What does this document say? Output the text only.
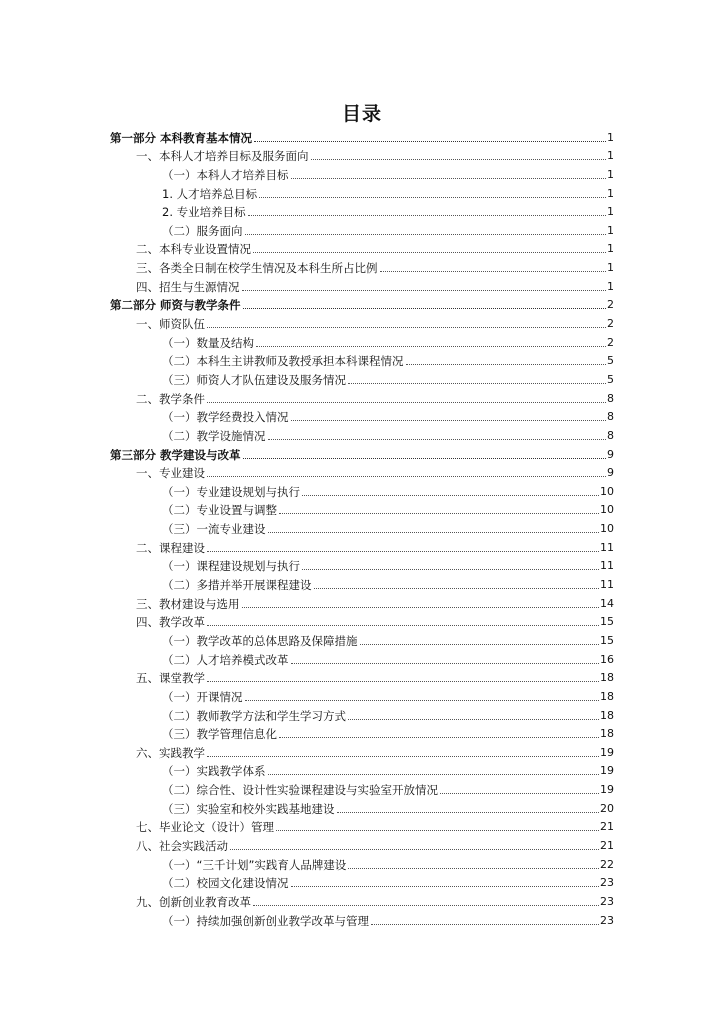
目录
第一部分 本科教育基本情况	1
一、本科人才培养目标及服务面向	1
（一）本科人才培养目标	1
1. 人才培养总目标	1
2. 专业培养目标	1
（二）服务面向	1
二、本科专业设置情况	1
三、各类全日制在校学生情况及本科生所占比例	1
四、招生与生源情况	1
第二部分 师资与教学条件	2
一、师资队伍	2
（一）数量及结构	2
（二）本科生主讲教师及教授承担本科课程情况	5
（三）师资人才队伍建设及服务情况	5
二、教学条件	8
（一）教学经费投入情况	8
（二）教学设施情况	8
第三部分 教学建设与改革	9
一、专业建设	9
（一）专业建设规划与执行	10
（二）专业设置与调整	10
（三）一流专业建设	10
二、课程建设	11
（一）课程建设规划与执行	11
（二）多措并举开展课程建设	11
三、教材建设与选用	14
四、教学改革	15
（一）教学改革的总体思路及保障措施	15
（二）人才培养模式改革	16
五、课堂教学	18
（一）开课情况	18
（二）教师教学方法和学生学习方式	18
（三）教学管理信息化	18
六、实践教学	19
（一）实践教学体系	19
（二）综合性、设计性实验课程建设与实验室开放情况	19
（三）实验室和校外实践基地建设	20
七、毕业论文（设计）管理	21
八、社会实践活动	21
（一）“三千计划”实践育人品牌建设	22
（二）校园文化建设情况	23
九、创新创业教育改革	23
（一）持续加强创新创业教学改革与管理	23
